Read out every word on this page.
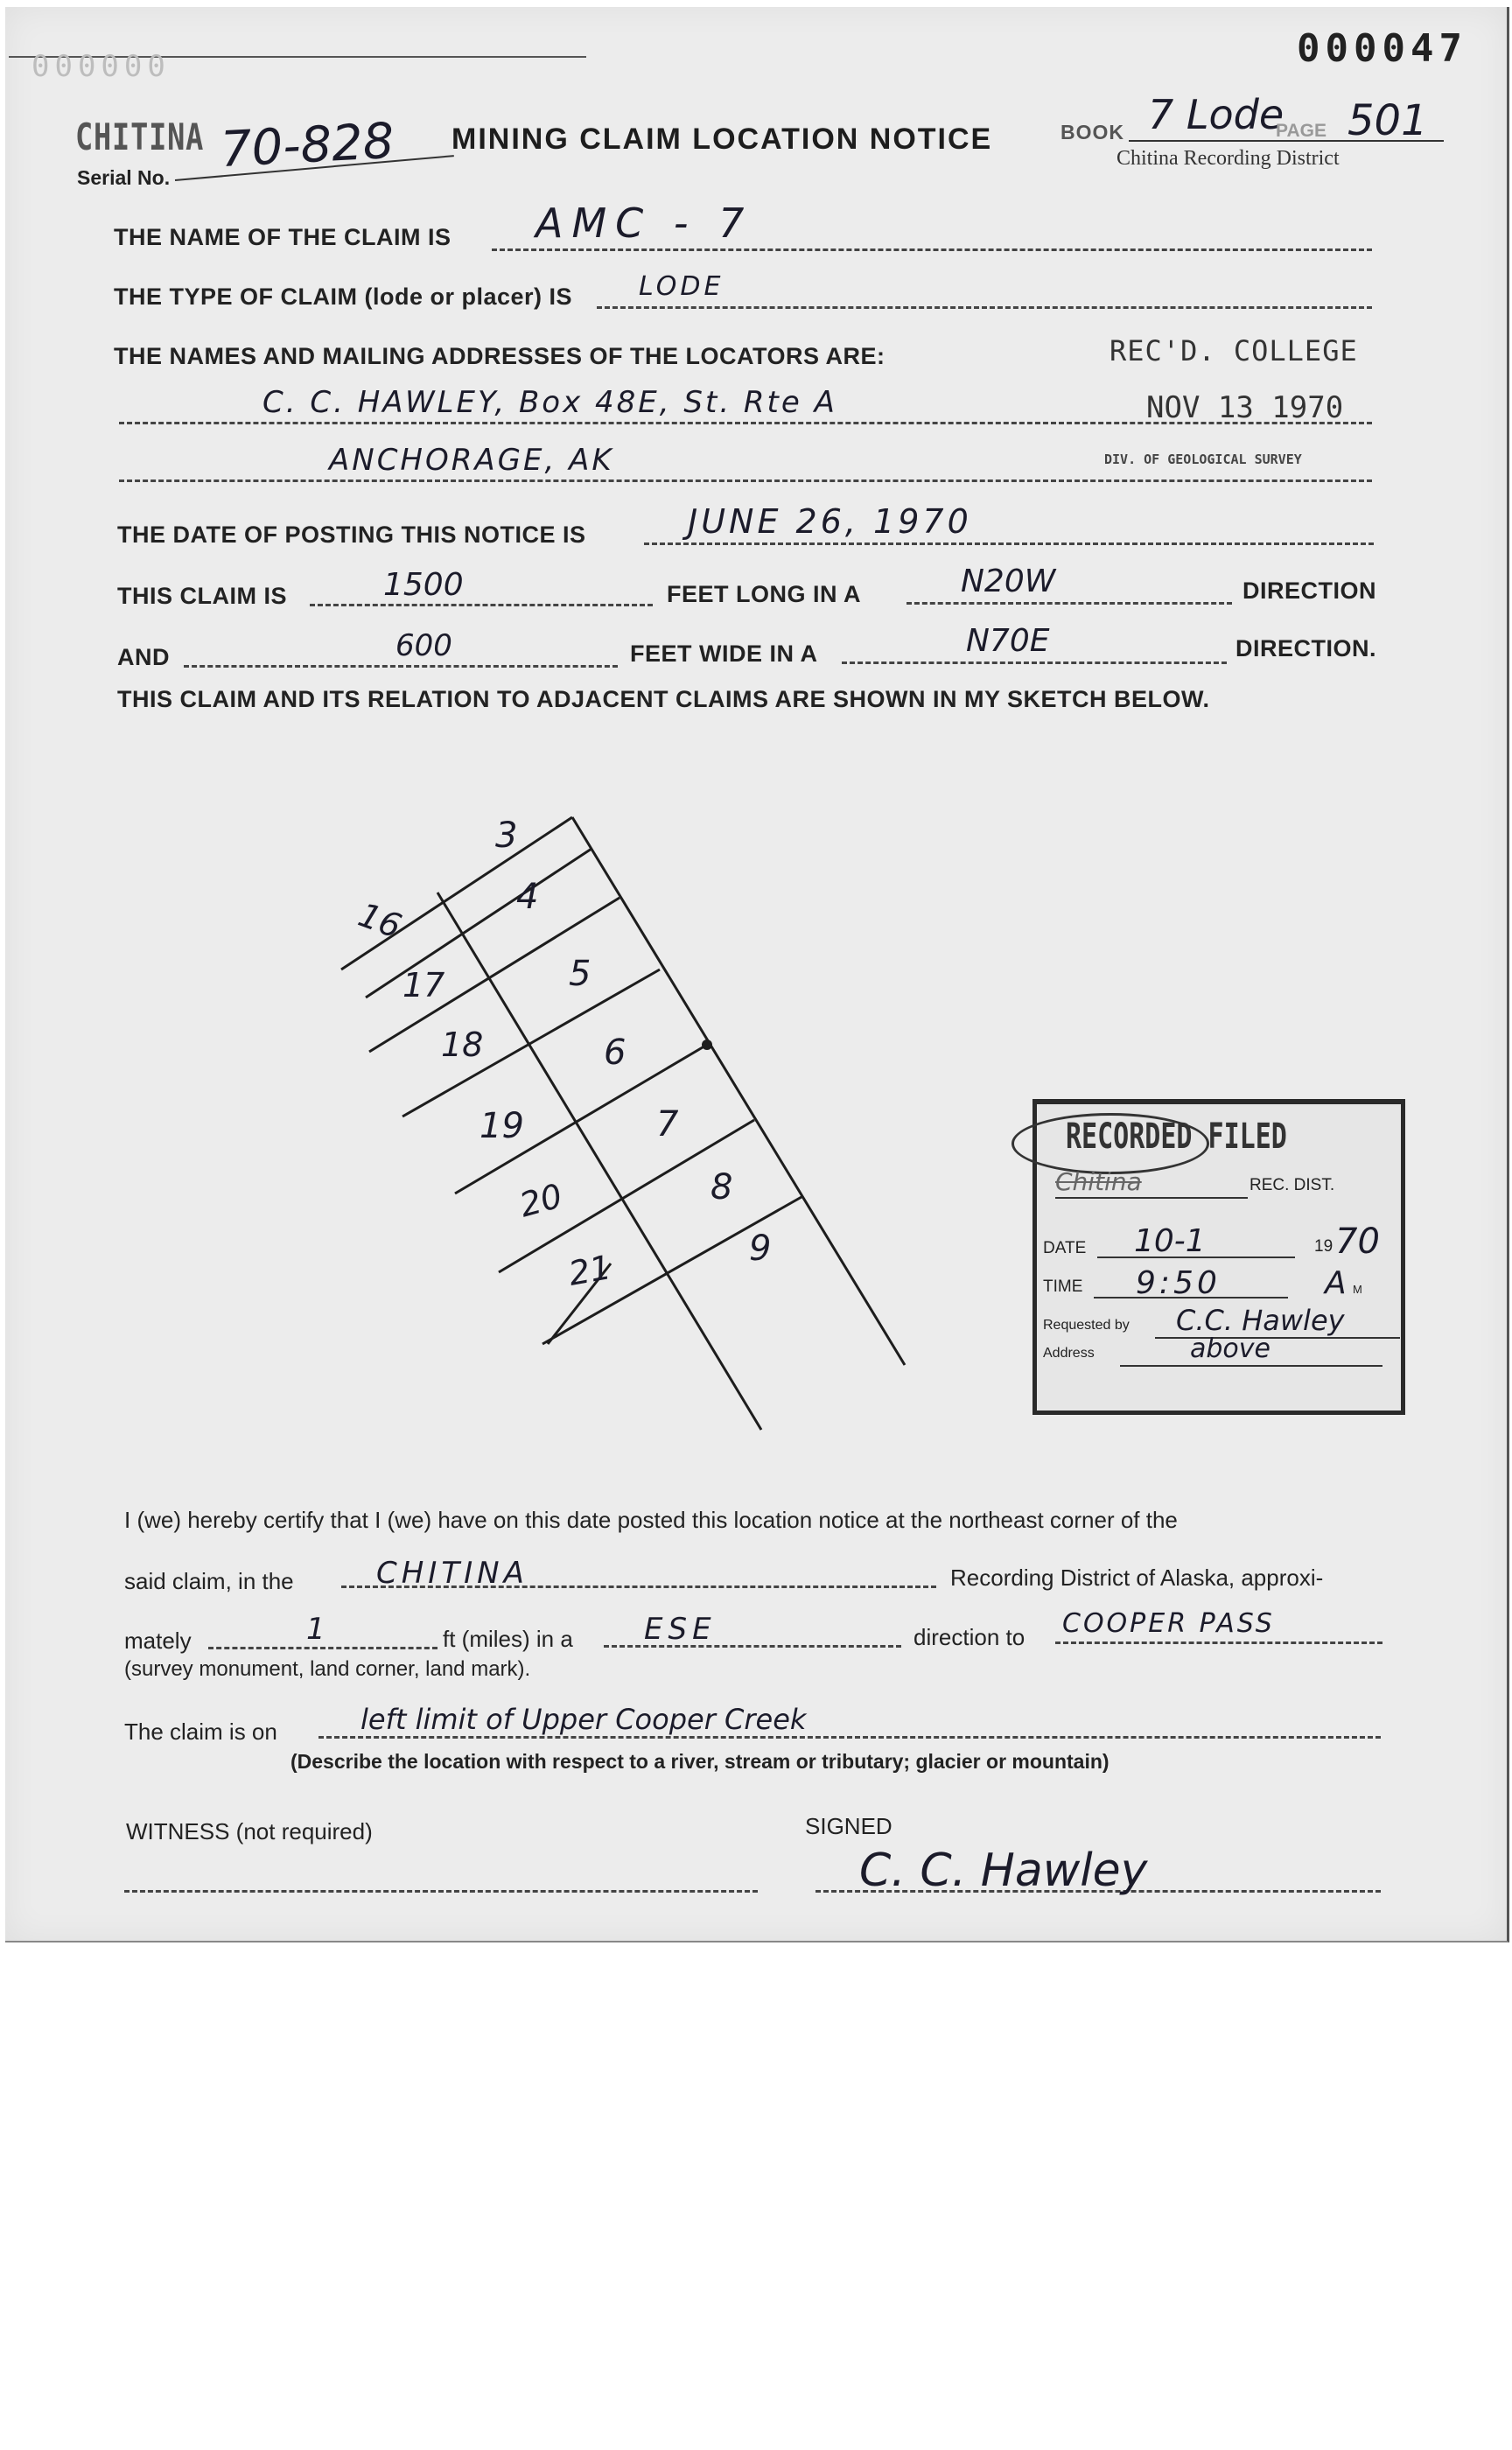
000000	000047
CHITINA
Serial No. 70-828 MINING CLAIM LOCATION NOTICE	BOOK 7 Lode
PAGE 501
Chitina Recording District
THE NAME OF THE CLAIM IS AMC - 7
THE TYPE OF CLAIM (lode or placer) IS	LODE
THE NAMES AND MAILING ADDRESSES OF THE LOCATORS ARE:	REC'D. COLLEGE
C. C. HAWLEY, Box 48E, St. Rte A	NOV 13 1970
ANCHORAGE, AK	DIV. OF GEOLOGICAL SURVEY
THE DATE OF POSTING THIS NOTICE IS	JUNE 26, 1970
THIS CLAIM IS	1500	FEET LONG IN A	N20W	DIRECTION
AND	600	FEET WIDE IN A	N70E	DIRECTION.
THIS CLAIM AND ITS RELATION TO ADJACENT CLAIMS ARE SHOWN IN MY SKETCH BELOW.
3
4
5
6
7
8
9
16
17
18
19
20
21
RECORDED FILED
Chitina	REC. DIST.
DATE 10-1	19 70
TIME 9:50	A M
Requested by C.C. Hawley
Address	above
I (we) hereby certify that I (we) have on this date posted this location notice at the northeast corner of the
said claim, in the	CHITINA	Recording District of Alaska, approxi-
mately	1	ft (miles) in a ESE	direction to COOPER PASS
(survey monument, land corner, land mark).
The claim is on	left limit of Upper Cooper Creek
(Describe the location with respect to a river, stream or tributary; glacier or mountain)
WITNESS (not required)	SIGNED
C. C. Hawley
